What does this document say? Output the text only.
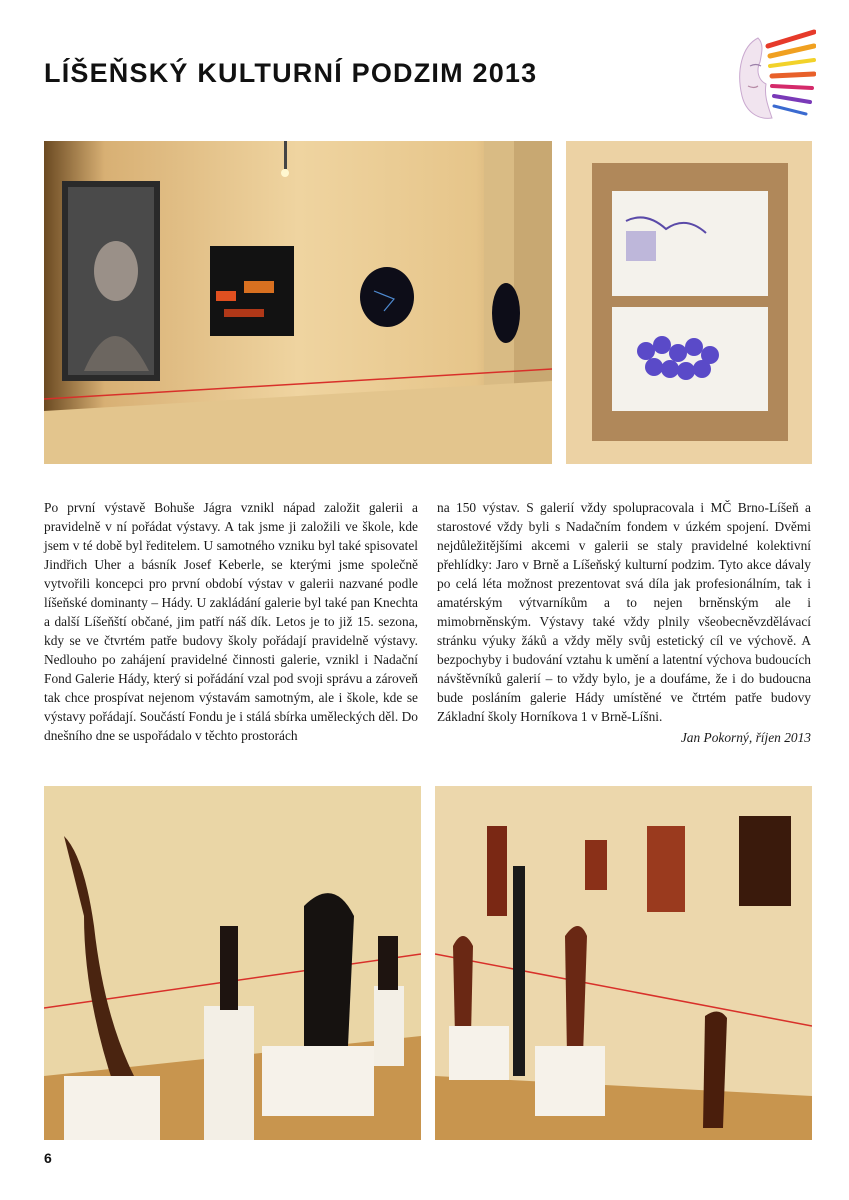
LÍŠEŇSKÝ KULTURNÍ PODZIM 2013

Po první výstavě Bohuše Jágra vznikl nápad založit galerii a pravidelně v ní pořádat výstavy. A tak jsme ji založili ve škole, kde jsem v té době byl ředitelem. U samotného vzniku byl také spisovatel Jindřich Uher a básník Josef Keberle, se kterými jsme společně vytvořili koncepci pro první období výstav v galerii nazvané podle líšeňské dominanty – Hády. U zakládání galerie byl také pan Knechta a další Líšeňští občané, jim patří náš dík. Letos je to již 15. sezona, kdy se ve čtvrtém patře budovy školy pořádají pravidelně výstavy. Nedlouho po zahájení pravidelné činnosti galerie, vznikl i Nadační Fond Galerie Hády, který si pořádání vzal pod svoji správu a zároveň tak chce prospívat nejenom výstavám samotným, ale i škole, kde se výstavy pořádají. Součástí Fondu je i stálá sbírka uměleckých děl. Do dnešního dne se uspořádalo v těchto prostorách

na 150 výstav. S galerií vždy spolupracovala i MČ Brno-Líšeň a starostové vždy byli s Nadačním fondem v úzkém spojení. Dvěmi nejdůležitějšími akcemi v galerii se staly pravidelné kolektivní přehlídky: Jaro v Brně a Líšeňský kulturní podzim. Tyto akce dávaly po celá léta možnost prezentovat svá díla jak profesionálním, tak i amatérským výtvarníkům a to nejen brněnským ale i mimobrněnským. Výstavy také vždy plnily všeobecněvzdělávací stránku výuky žáků a vždy měly svůj estetický cíl ve výchově. A bezpochyby i budování vztahu k umění a latentní výchova budoucích návštěvníků galerií – to vždy bylo, je a doufáme, že i do budoucna bude posláním galerie Hády umístěné ve čtrtém patře budovy Základní školy Horníkova 1 v Brně-Líšni.

Jan Pokorný, říjen 2013

6
